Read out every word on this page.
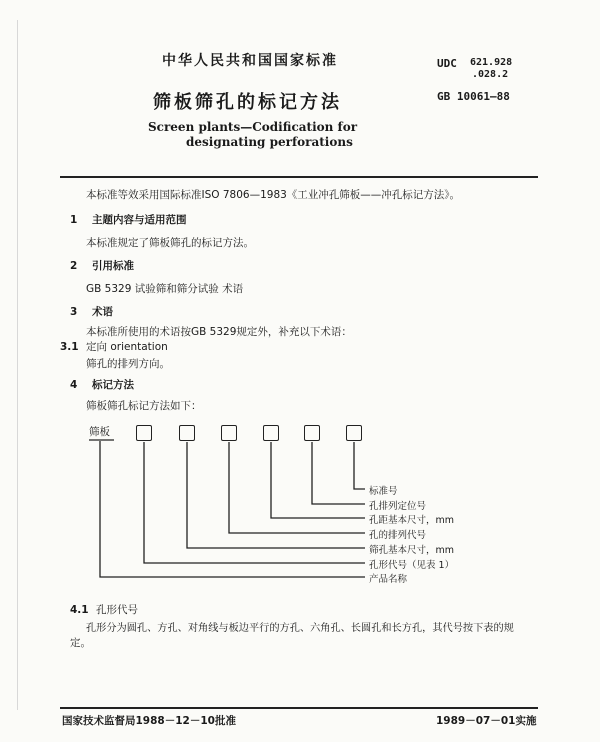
中华人民共和国国家标准	UDC 621.928
.028.2
GB 10061—88
筛板筛孔的标记方法
Screen plants—Codification for
designating perforations
本标准等效采用国际标准ISO 7806—1983《工业冲孔筛板——冲孔标记方法》。
1 主题内容与适用范围
本标准规定了筛板筛孔的标记方法。
2 引用标准
GB 5329 试验筛和筛分试验 术语
3 术语
本标准所使用的术语按GB 5329规定外，补充以下术语：
3.1 定向 orientation
筛孔的排列方向。
4 标记方法
筛板筛孔标记方法如下：
筛板
标准号
孔排列定位号
孔距基本尺寸，mm
孔的排列代号
筛孔基本尺寸，mm
孔形代号（见表 1）
产品名称
4.1 孔形代号
孔形分为圆孔、方孔、对角线与板边平行的方孔、六角孔、长圆孔和长方孔，其代号按下表的规
定。
国家技术监督局1988－12－10批准	1989－07－01实施
